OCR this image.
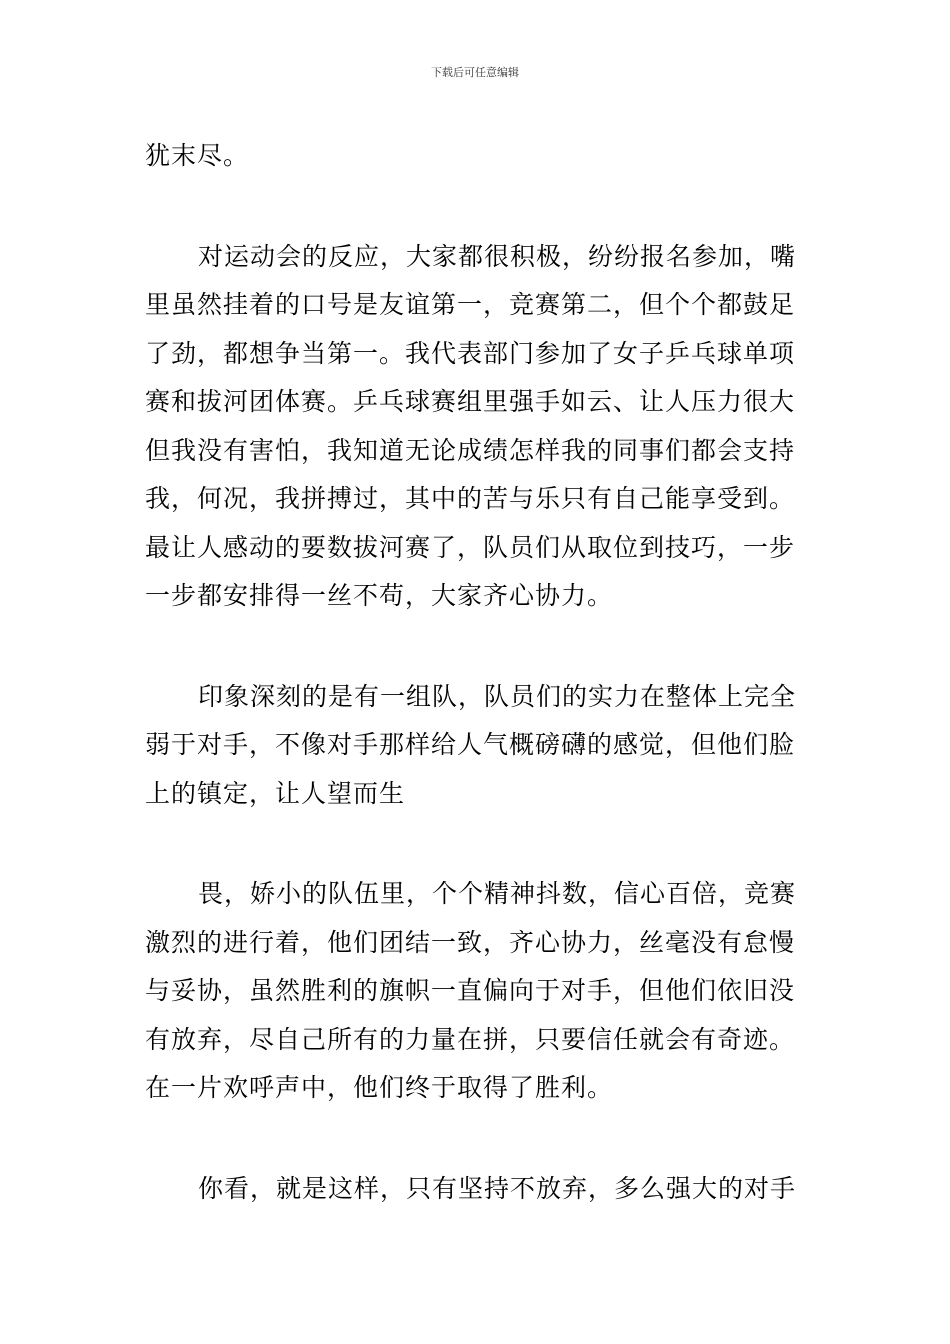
下载后可任意编辑

犹末尽。

对运动会的反应，大家都很积极，纷纷报名参加，嘴
里虽然挂着的口号是友谊第一，竞赛第二，但个个都鼓足
了劲，都想争当第一。我代表部门参加了女子乒乓球单项
赛和拔河团体赛。乒乓球赛组里强手如云、让人压力很大
但我没有害怕，我知道无论成绩怎样我的同事们都会支持
我，何况，我拼搏过，其中的苦与乐只有自己能享受到。
最让人感动的要数拔河赛了，队员们从取位到技巧，一步
一步都安排得一丝不苟，大家齐心协力。

印象深刻的是有一组队，队员们的实力在整体上完全
弱于对手，不像对手那样给人气概磅礴的感觉，但他们脸
上的镇定，让人望而生

畏，娇小的队伍里，个个精神抖数，信心百倍，竞赛
激烈的进行着，他们团结一致，齐心协力，丝毫没有怠慢
与妥协，虽然胜利的旗帜一直偏向于对手，但他们依旧没
有放弃，尽自己所有的力量在拼，只要信任就会有奇迹。
在一片欢呼声中，他们终于取得了胜利。

你看，就是这样，只有坚持不放弃，多么强大的对手
